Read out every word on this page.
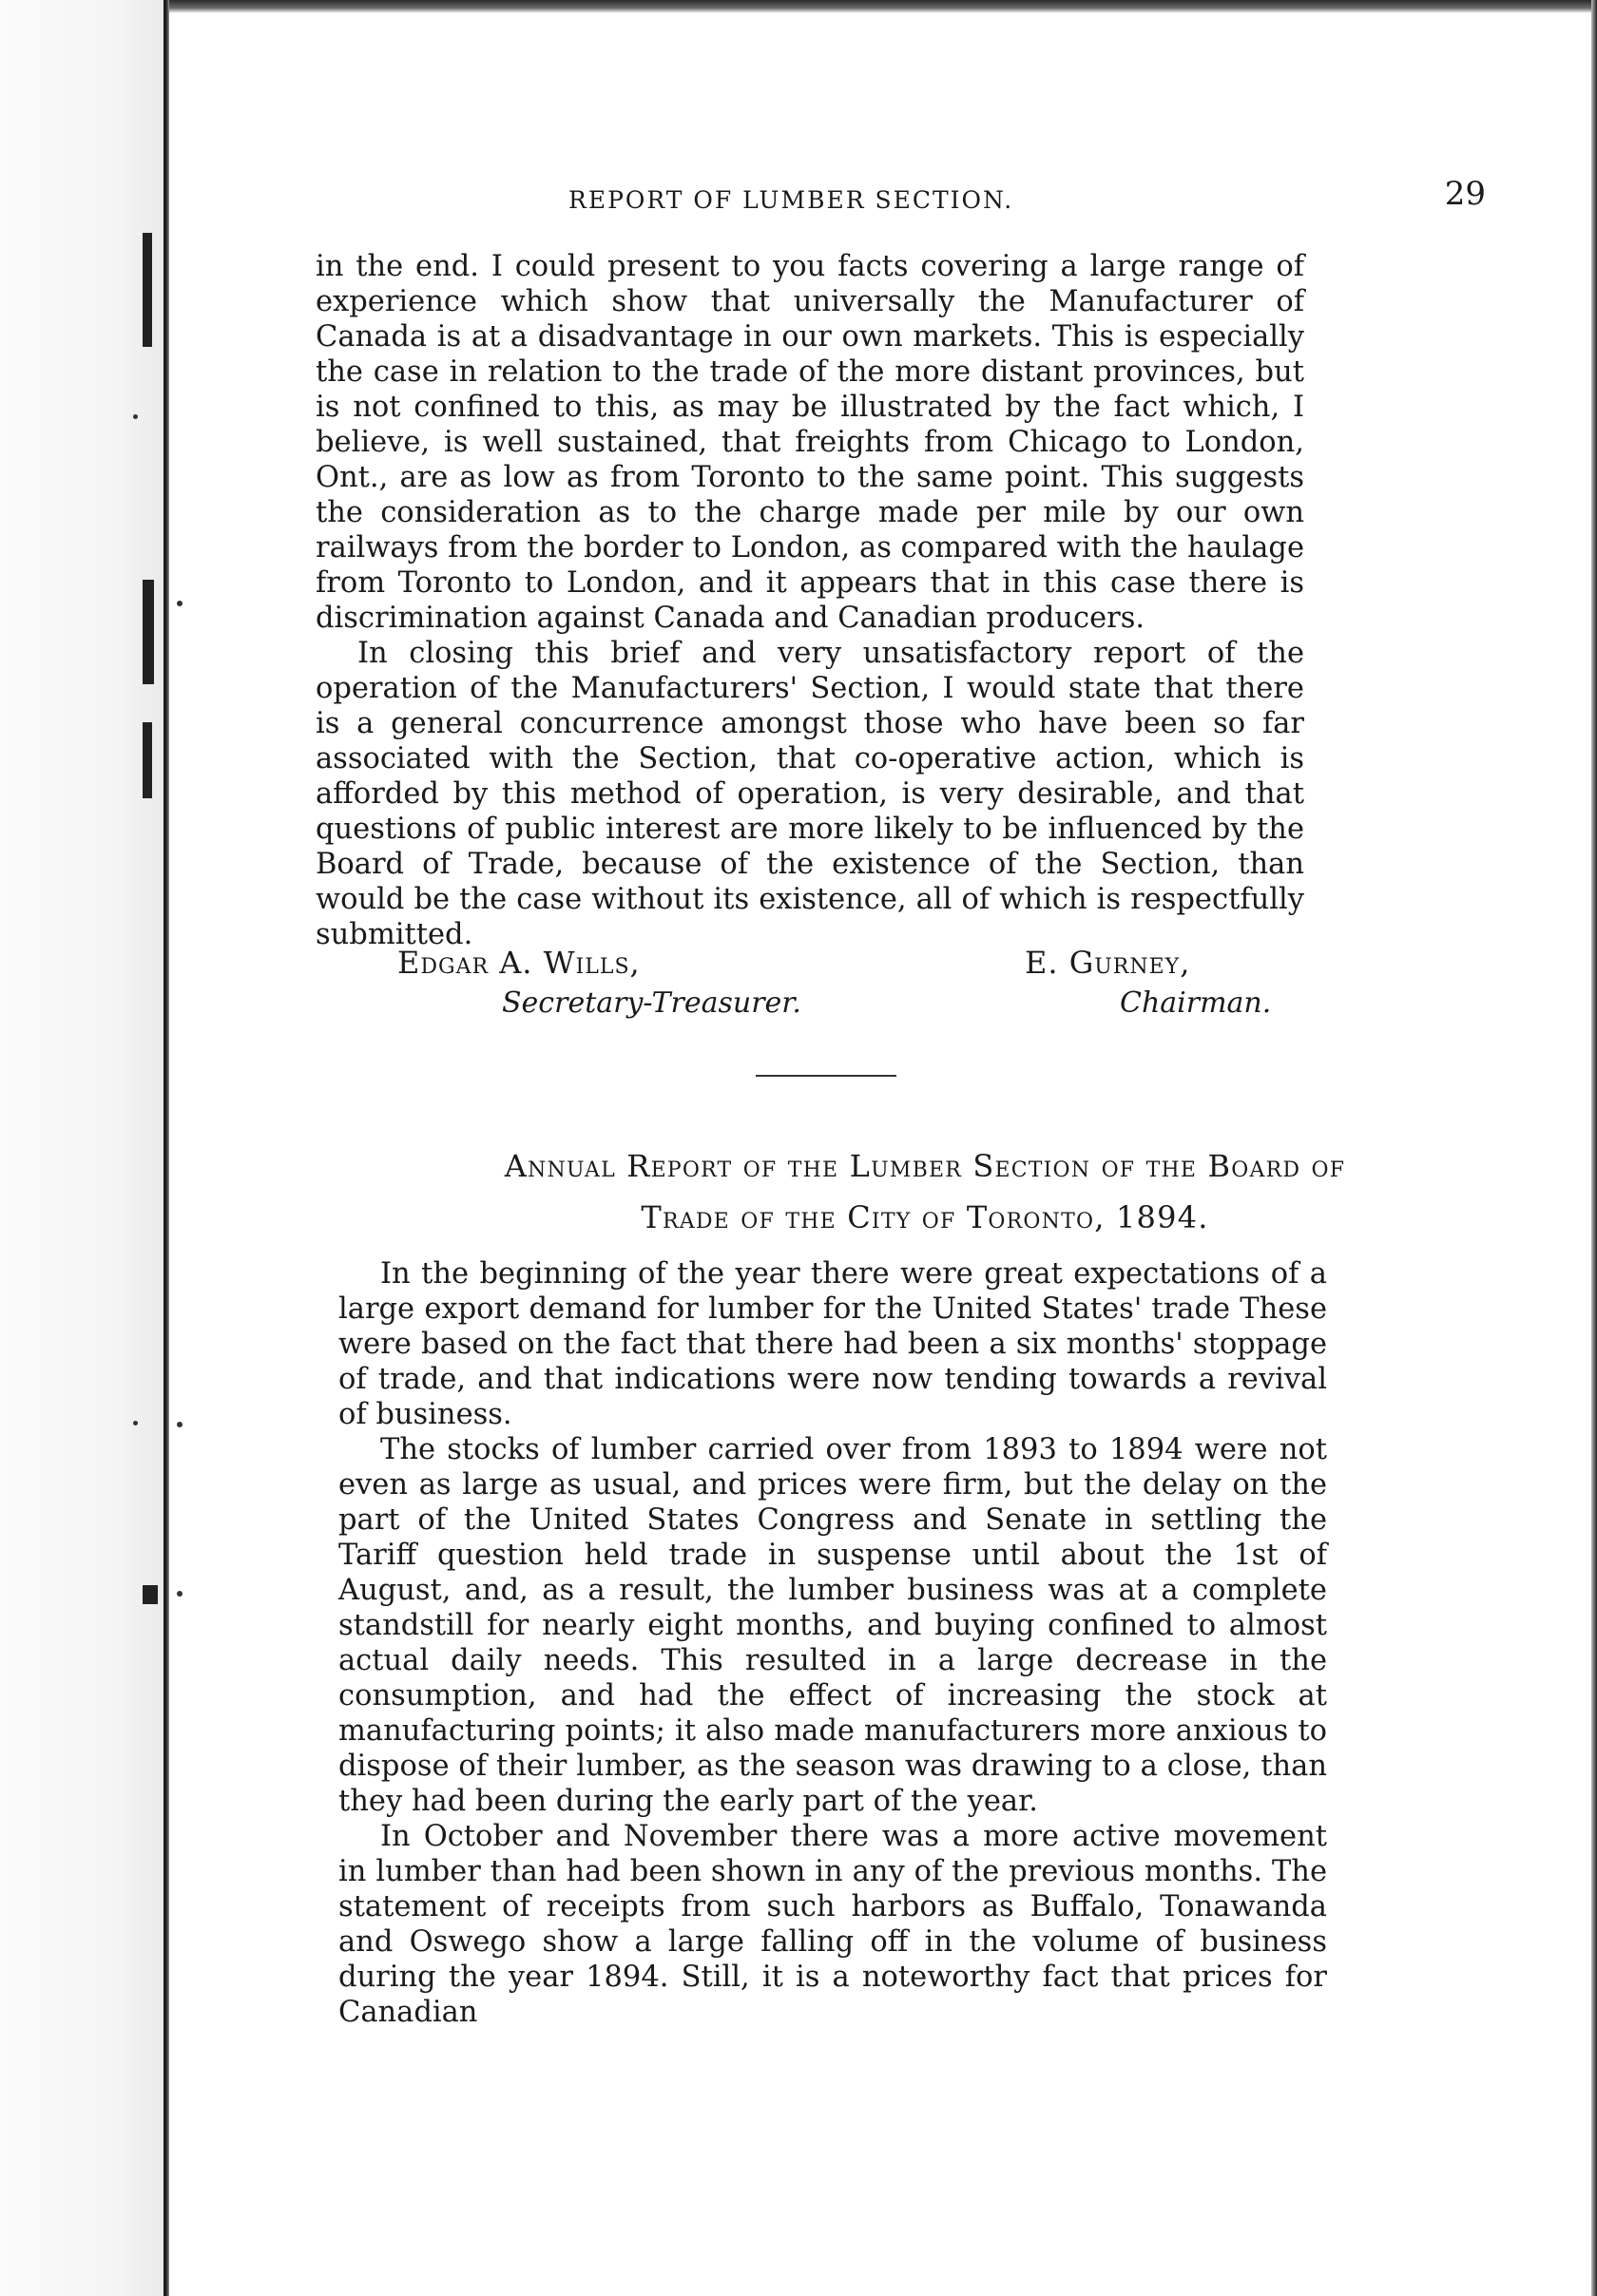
REPORT OF LUMBER SECTION.	29

in the end. I could present to you facts covering a large range of experience which show that universally the Manufacturer of Canada is at a disadvantage in our own markets. This is especially the case in relation to the trade of the more distant provinces, but is not confined to this, as may be illustrated by the fact which, I believe, is well sustained, that freights from Chicago to London, Ont., are as low as from Toronto to the same point. This suggests the consideration as to the charge made per mile by our own railways from the border to London, as compared with the haulage from Toronto to London, and it appears that in this case there is discrimination against Canada and Canadian producers.

In closing this brief and very unsatisfactory report of the operation of the Manufacturers' Section, I would state that there is a general concurrence amongst those who have been so far associated with the Section, that co-operative action, which is afforded by this method of operation, is very desirable, and that questions of public interest are more likely to be influenced by the Board of Trade, because of the existence of the Section, than would be the case without its existence, all of which is respectfully submitted.

Edgar A. Wills,
Secretary-Treasurer.
E. Gurney,
Chairman.
Annual Report of the Lumber Section of the Board of
Trade of the City of Toronto, 1894.

In the beginning of the year there were great expectations of a large export demand for lumber for the United States' trade These were based on the fact that there had been a six months' stoppage of trade, and that indications were now tending towards a revival of business.

The stocks of lumber carried over from 1893 to 1894 were not even as large as usual, and prices were firm, but the delay on the part of the United States Congress and Senate in settling the Tariff question held trade in suspense until about the 1st of August, and, as a result, the lumber business was at a complete standstill for nearly eight months, and buying confined to almost actual daily needs. This resulted in a large decrease in the consumption, and had the effect of increasing the stock at manufacturing points; it also made manufacturers more anxious to dispose of their lumber, as the season was drawing to a close, than they had been during the early part of the year.

In October and November there was a more active movement in lumber than had been shown in any of the previous months. The statement of receipts from such harbors as Buffalo, Tonawanda and Oswego show a large falling off in the volume of business during the year 1894. Still, it is a noteworthy fact that prices for Canadian
